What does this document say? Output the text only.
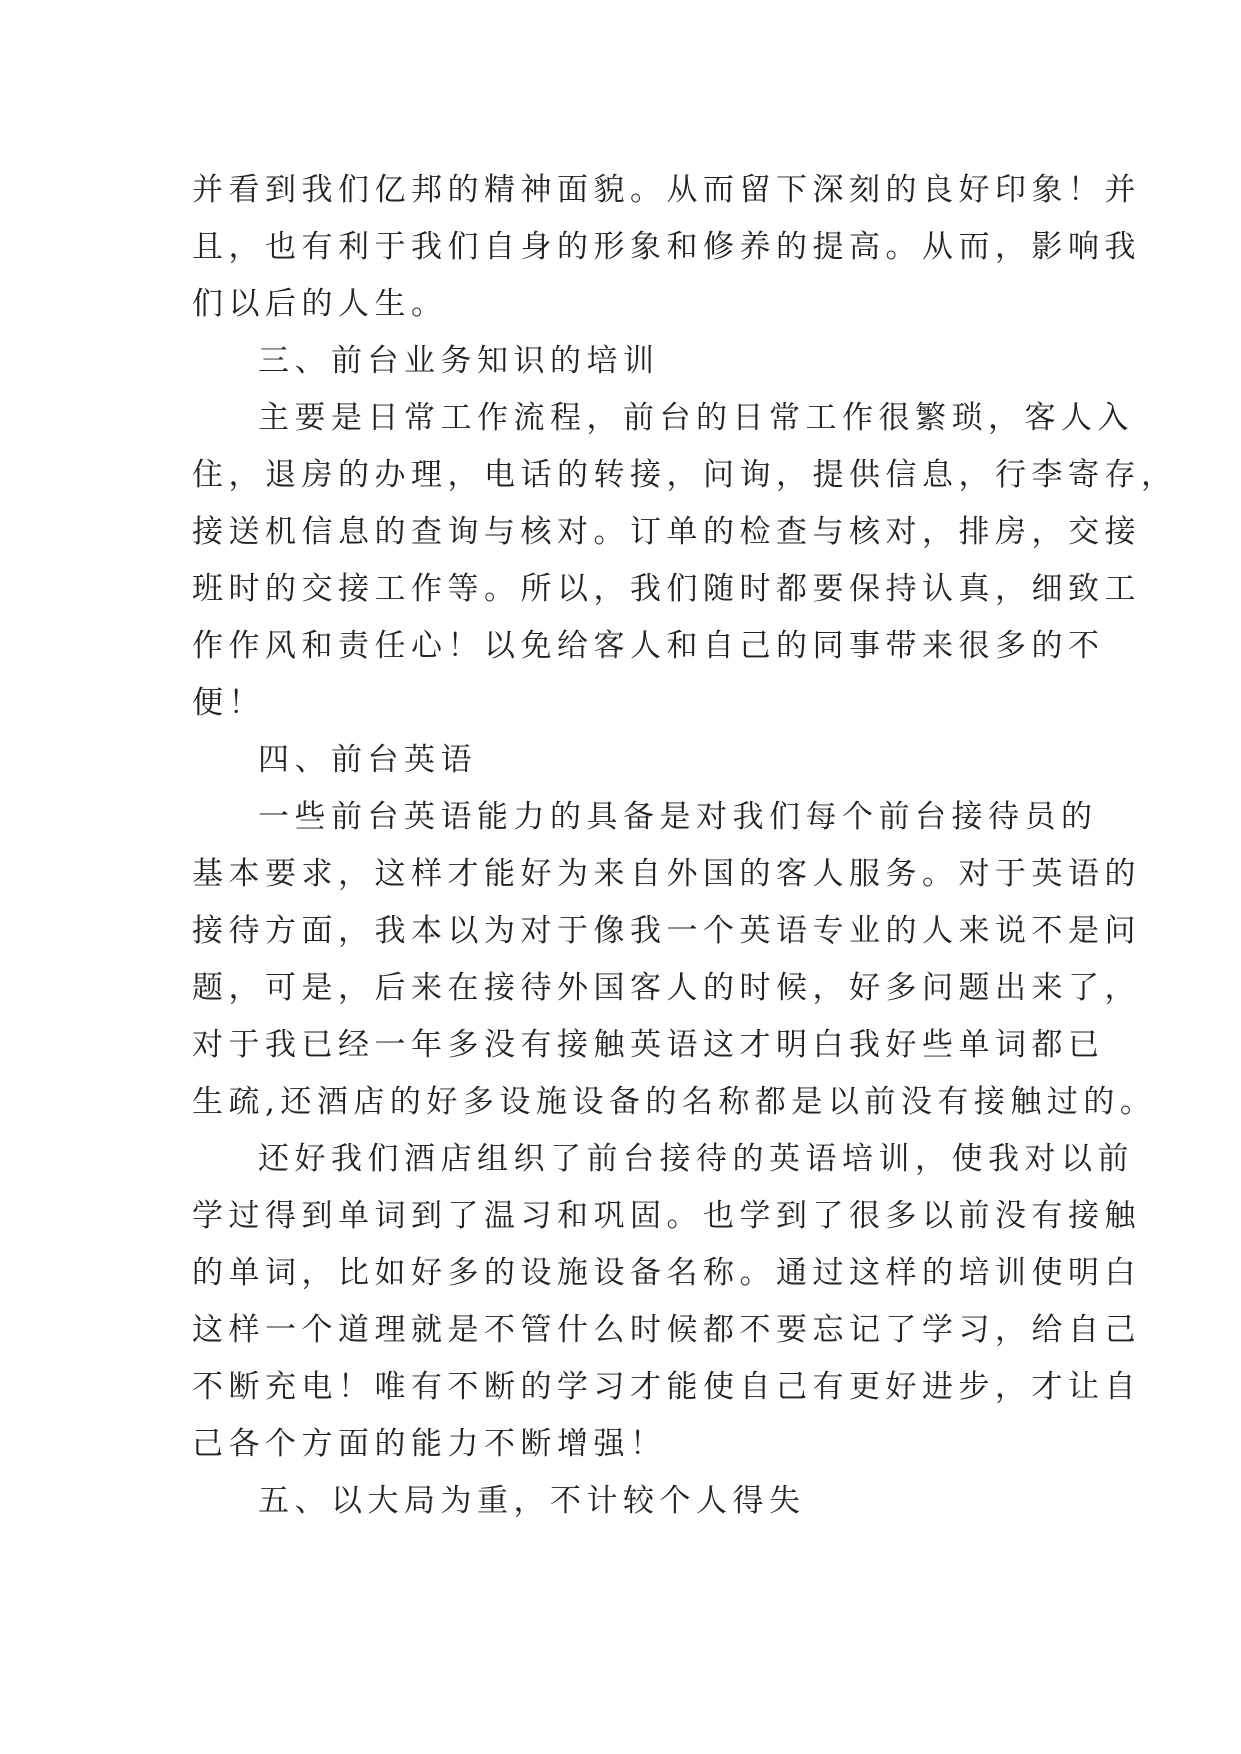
并看到我们亿邦的精神面貌。从而留下深刻的良好印象！并
且，也有利于我们自身的形象和修养的提高。从而，影响我
们以后的人生。
三、前台业务知识的培训
主要是日常工作流程，前台的日常工作很繁琐，客人入
住，退房的办理，电话的转接，问询，提供信息，行李寄存，
接送机信息的查询与核对。订单的检查与核对，排房，交接
班时的交接工作等。所以，我们随时都要保持认真，细致工
作作风和责任心！以免给客人和自己的同事带来很多的不
便！
四、前台英语
一些前台英语能力的具备是对我们每个前台接待员的
基本要求，这样才能好为来自外国的客人服务。对于英语的
接待方面，我本以为对于像我一个英语专业的人来说不是问
题，可是，后来在接待外国客人的时候，好多问题出来了，
对于我已经一年多没有接触英语这才明白我好些单词都已
生疏,还酒店的好多设施设备的名称都是以前没有接触过的。
还好我们酒店组织了前台接待的英语培训，使我对以前
学过得到单词到了温习和巩固。也学到了很多以前没有接触
的单词，比如好多的设施设备名称。通过这样的培训使明白
这样一个道理就是不管什么时候都不要忘记了学习，给自己
不断充电！唯有不断的学习才能使自己有更好进步，才让自
己各个方面的能力不断增强！
五、以大局为重，不计较个人得失
